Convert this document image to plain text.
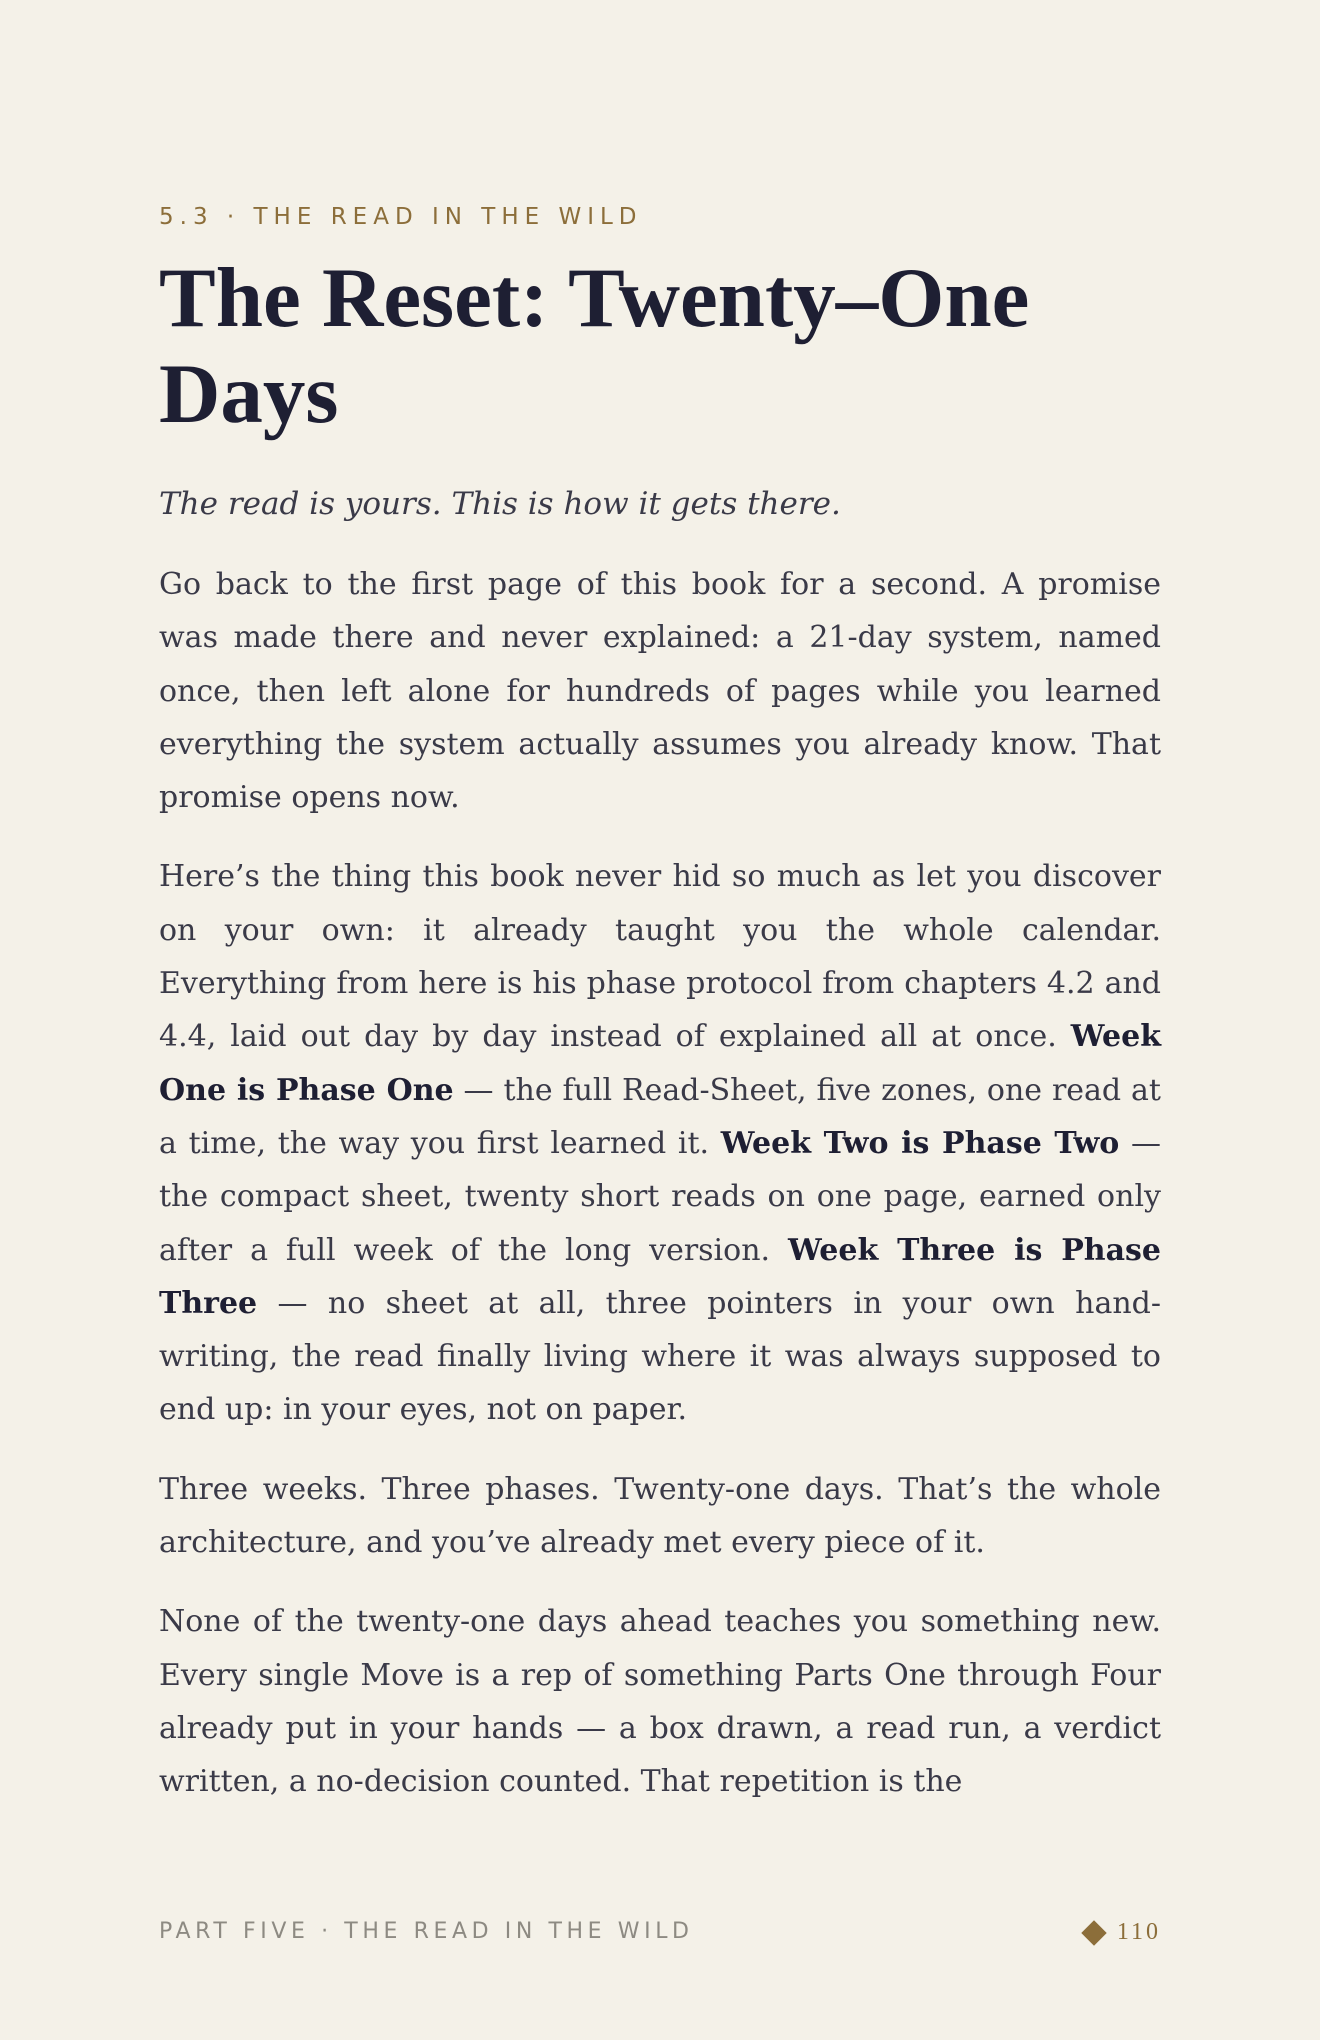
5.3 · THE READ IN THE WILD
The Reset: Twenty–One Days

The read is yours. This is how it gets there.

Go back to the first page of this book for a second. A promise was made there and never explained: a 21-day system, named once, then left alone for hundreds of pages while you learned everything the system actually assumes you already know. That promise opens now.

Here’s the thing this book never hid so much as let you discover on your own: it already taught you the whole calendar. Everything from here is his phase protocol from chapters 4.2 and 4.4, laid out day by day instead of explained all at once. Week One is Phase One — the full Read-Sheet, five zones, one read at a time, the way you first learned it. Week Two is Phase Two — the compact sheet, twenty short reads on one page, earned only after a full week of the long version. Week Three is Phase Three — no sheet at all, three pointers in your own hand-writing, the read finally living where it was always supposed to end up: in your eyes, not on paper.

Three weeks. Three phases. Twenty-one days. That’s the whole architecture, and you’ve already met every piece of it.

None of the twenty-one days ahead teaches you something new. Every single Move is a rep of something Parts One through Four already put in your hands — a box drawn, a read run, a verdict written, a no-decision counted. That repetition is the

PART FIVE · THE READ IN THE WILD	110
